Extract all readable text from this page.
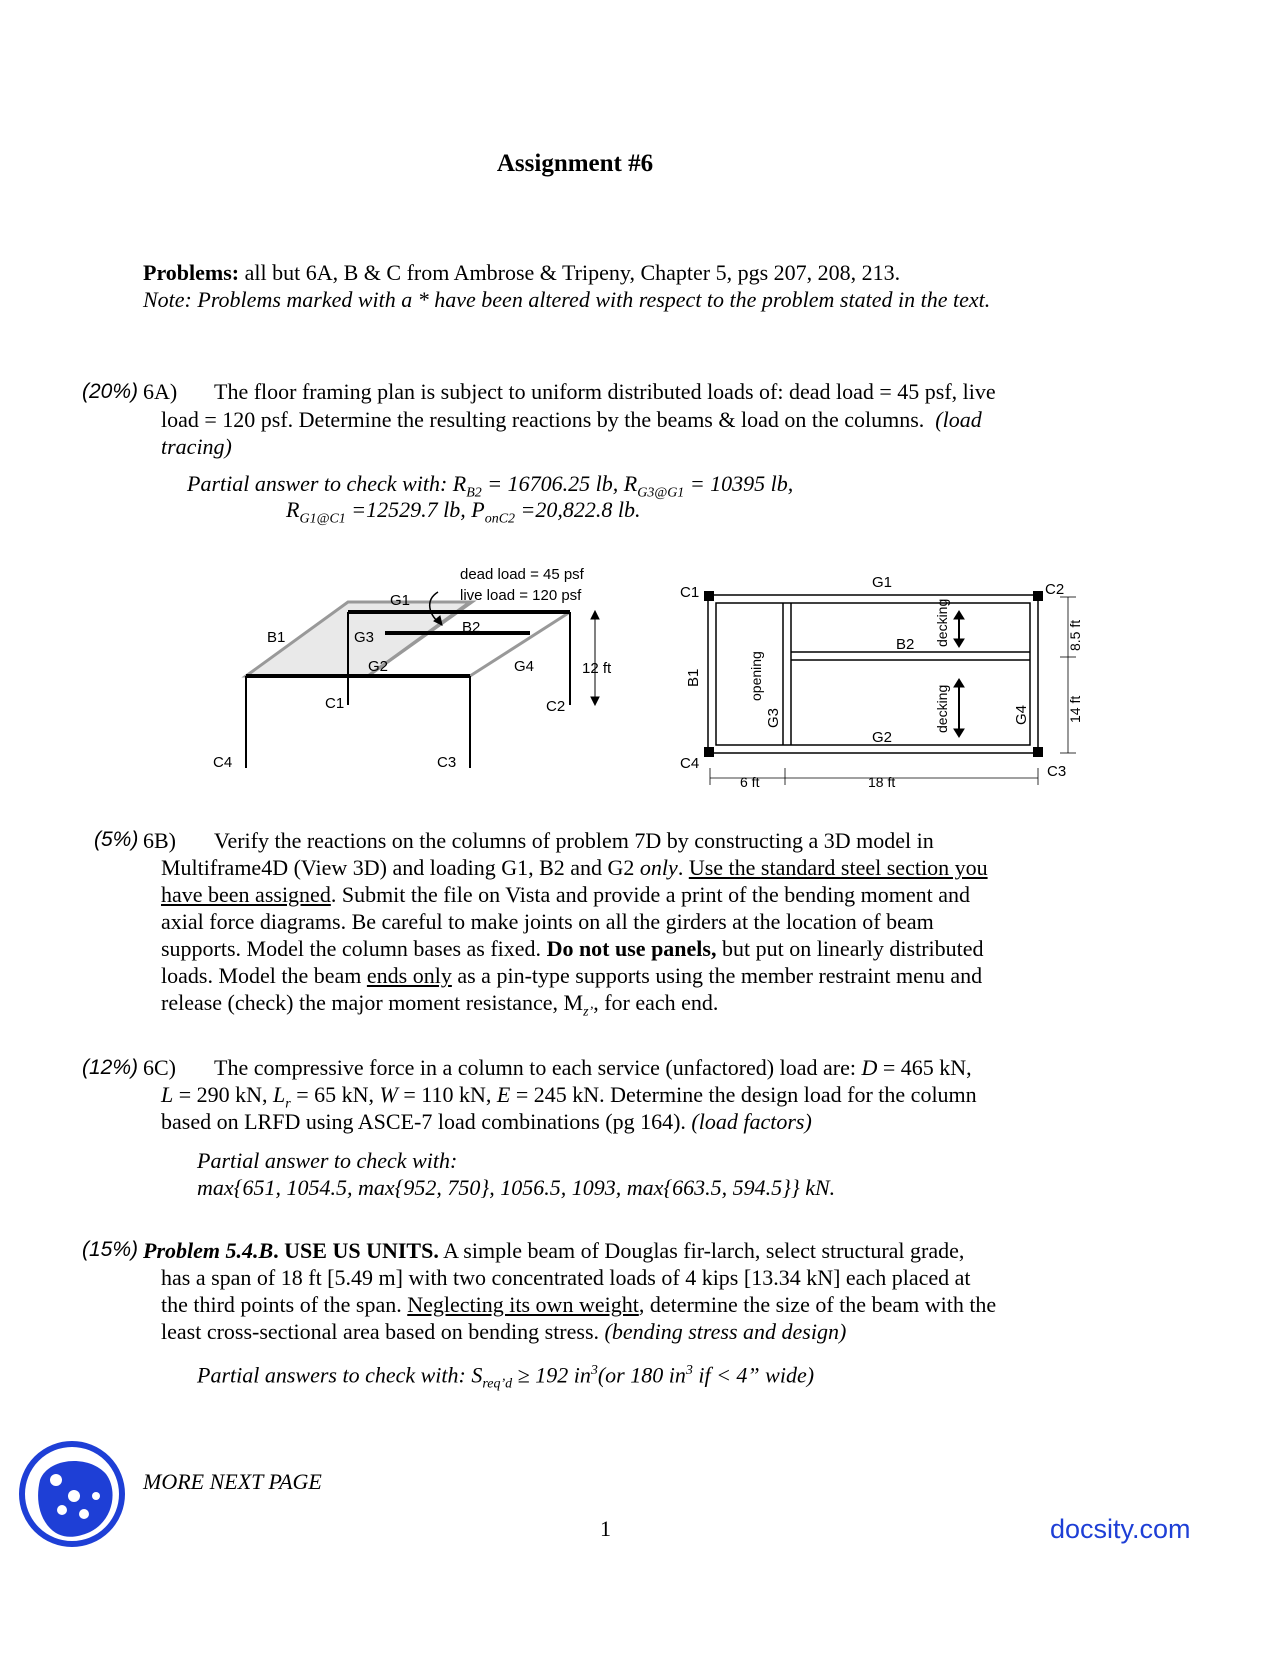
Assignment #6
Problems: all but 6A, B & C from Ambrose & Tripeny, Chapter 5, pgs 207, 208, 213.
Note: Problems marked with a * have been altered with respect to the problem stated in the text.
(20%) 6A) The floor framing plan is subject to uniform distributed loads of: dead load = 45 psf, live
load = 120 psf. Determine the resulting reactions by the beams & load on the columns. (load
tracing)
Partial answer to check with: $R_{B2} = 16706.25$ lb, $R_{G3@G1} = 10395$ lb,
$R_{G1@C1} =12529.7$ lb, $P_{onC2} =20,822.8$ lb.
dead load = 45 psf
live load = 120 psf
G1
B1	G3
B2
G2	G4
C1	C2
C4	C3
12 ft
C1
G1	C2
B1
B2
G3
G2
G4
C4	C3
opening
decking
decking
6 ft	18 ft
8.5 ft
14 ft
(5%) 6B) Verify the reactions on the columns of problem 7D by constructing a 3D model in
Multiframe4D (View 3D) and loading G1, B2 and G2 only. Use the standard steel section you
have been assigned. Submit the file on Vista and provide a print of the bending moment and
axial force diagrams. Be careful to make joints on all the girders at the location of beam
supports. Model the column bases as fixed. Do not use panels, but put on linearly distributed
loads. Model the beam ends only as a pin-type supports using the member restraint menu and
release (check) the major moment resistance, $M_{z’}$, for each end.
(12%) 6C) The compressive force in a column to each service (unfactored) load are: D = 465 kN,
L = 290 kN, $L_r = 65$ kN, W = 110 kN, E = 245 kN. Determine the design load for the column
based on LRFD using ASCE-7 load combinations (pg 164). (load factors)
Partial answer to check with:
max{651, 1054.5, max{952, 750}, 1056.5, 1093, max{663.5, 594.5}} kN.
(15%) Problem 5.4.B. USE US UNITS. A simple beam of Douglas fir-larch, select structural grade,
has a span of 18 ft [5.49 m] with two concentrated loads of 4 kips [13.34 kN] each placed at
the third points of the span. Neglecting its own weight, determine the size of the beam with the
least cross-sectional area based on bending stress. (bending stress and design)
Partial answers to check with: $S_{req’d} \ge 192$ $in^3(or$ 180 $in^3$ if < 4” wide)
MORE NEXT PAGE
1	docsity.com
